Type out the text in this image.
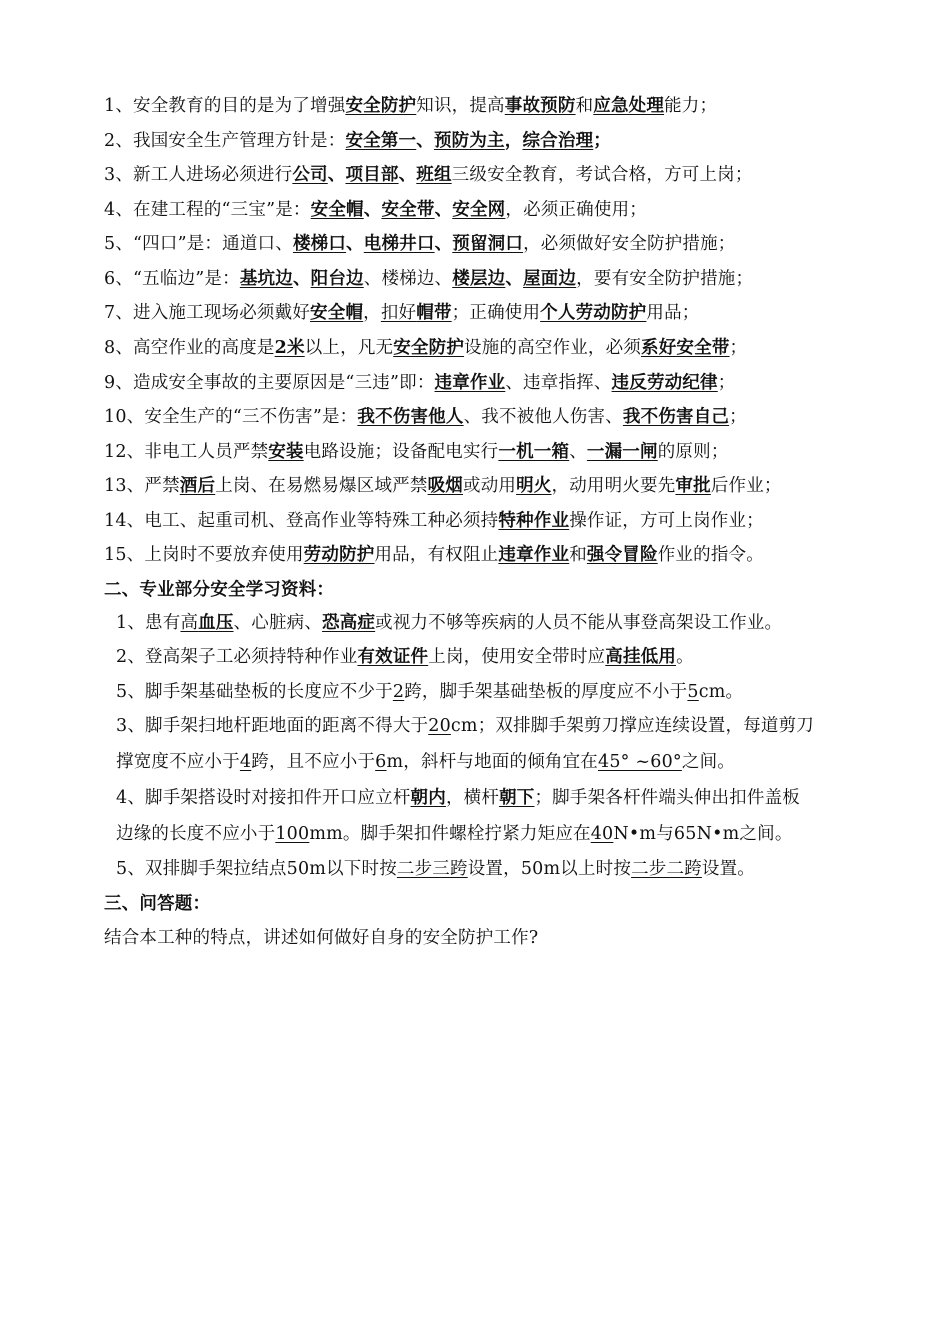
1、安全教育的目的是为了增强安全防护知识，提高事故预防和应急处理能力；
2、我国安全生产管理方针是：安全第一、预防为主，综合治理；
3、新工人进场必须进行公司、项目部、班组三级安全教育，考试合格，方可上岗；
4、在建工程的“三宝”是：安全帽、安全带、安全网，必须正确使用；
5、“四口”是：通道口、楼梯口、电梯井口、预留洞口，必须做好安全防护措施；
6、“五临边”是：基坑边、阳台边、楼梯边、楼层边、屋面边，要有安全防护措施；
7、进入施工现场必须戴好安全帽，扣好帽带；正确使用个人劳动防护用品；
8、高空作业的高度是2米以上，凡无安全防护设施的高空作业，必须系好安全带；
9、造成安全事故的主要原因是“三违”即：违章作业、违章指挥、违反劳动纪律；
10、安全生产的“三不伤害”是：我不伤害他人、我不被他人伤害、我不伤害自己；
12、非电工人员严禁安装电路设施；设备配电实行一机一箱、一漏一闸的原则；
13、严禁酒后上岗、在易燃易爆区域严禁吸烟或动用明火，动用明火要先审批后作业；
14、电工、起重司机、登高作业等特殊工种必须持特种作业操作证，方可上岗作业；
15、上岗时不要放弃使用劳动防护用品，有权阻止违章作业和强令冒险作业的指令。
二、专业部分安全学习资料：
1、患有高血压、心脏病、恐高症或视力不够等疾病的人员不能从事登高架设工作业。
2、登高架子工必须持特种作业有效证件上岗，使用安全带时应高挂低用。
5、脚手架基础垫板的长度应不少于2跨，脚手架基础垫板的厚度应不小于5cm。
3、脚手架扫地杆距地面的距离不得大于20cm；双排脚手架剪刀撑应连续设置，每道剪刀
撑宽度不应小于4跨，且不应小于6m，斜杆与地面的倾角宜在45° ~60°之间。
4、脚手架搭设时对接扣件开口应立杆朝内，横杆朝下；脚手架各杆件端头伸出扣件盖板
边缘的长度不应小于100mm。脚手架扣件螺栓拧紧力矩应在40N•m与65N•m之间。
5、双排脚手架拉结点50m以下时按二步三跨设置，50m以上时按二步二跨设置。
三、问答题：
结合本工种的特点，讲述如何做好自身的安全防护工作?
